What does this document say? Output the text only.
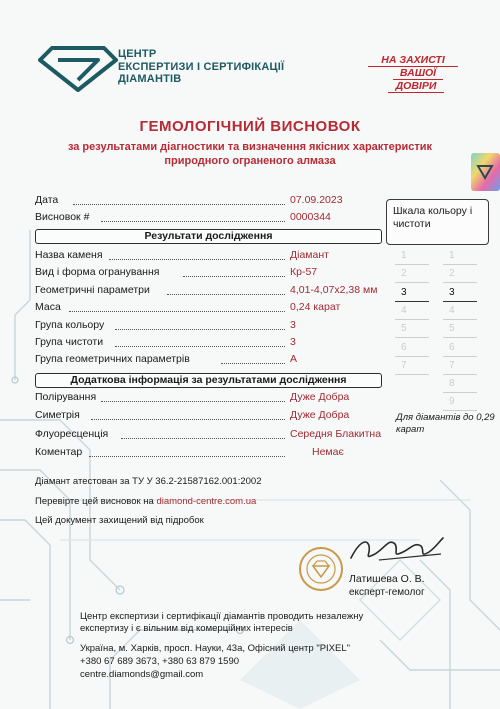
ЦЕНТР
ЕКСПЕРТИЗИ І СЕРТИФІКАЦІЇ
ДІАМАНТІВ
НА ЗАХИСТІ
ВАШОЇ
ДОВІРИ
ГЕМОЛОГІЧНИЙ ВИСНОВОК
за результатами діагностики та визначення якісних характеристик
природного ограненого алмаза
Дата	07.09.2023
Висновок #	0000344
Результати дослідження
Назва каменя	Діамант
Вид і форма огранування	Кр-57
Геометричні параметри	4,01-4,07x2,38 мм
Маса	0,24 карат
Група кольору	3
Група чистоти	3
Група геометричних параметрів	A
Додаткова інформація за результатами дослідження
Полірування	Дуже Добра
Симетрія	Дуже Добра
Флуоресценція	Середня Блакитна
Коментар	Немає
Шкала кольору і чистоти
1
2
3
4
5
6
7
1
2
3
4
5
6
7
8
9
Для діамантів до 0,29 карат
Діамант атестован за ТУ У 36.2-21587162.001:2002
Перевірте цей висновок на diamond-centre.com.ua
Цей документ захищений від підробок
Латишева О. В.
експерт-гемолог
Центр експертизи і сертифікації діамантів проводить незалежну
експертизу і є вільним від комерційних інтересів
Україна, м. Харків, просп. Науки, 43а, Офісний центр "PIXEL"
+380 67 689 3673, +380 63 879 1590
centre.diamonds@gmail.com
